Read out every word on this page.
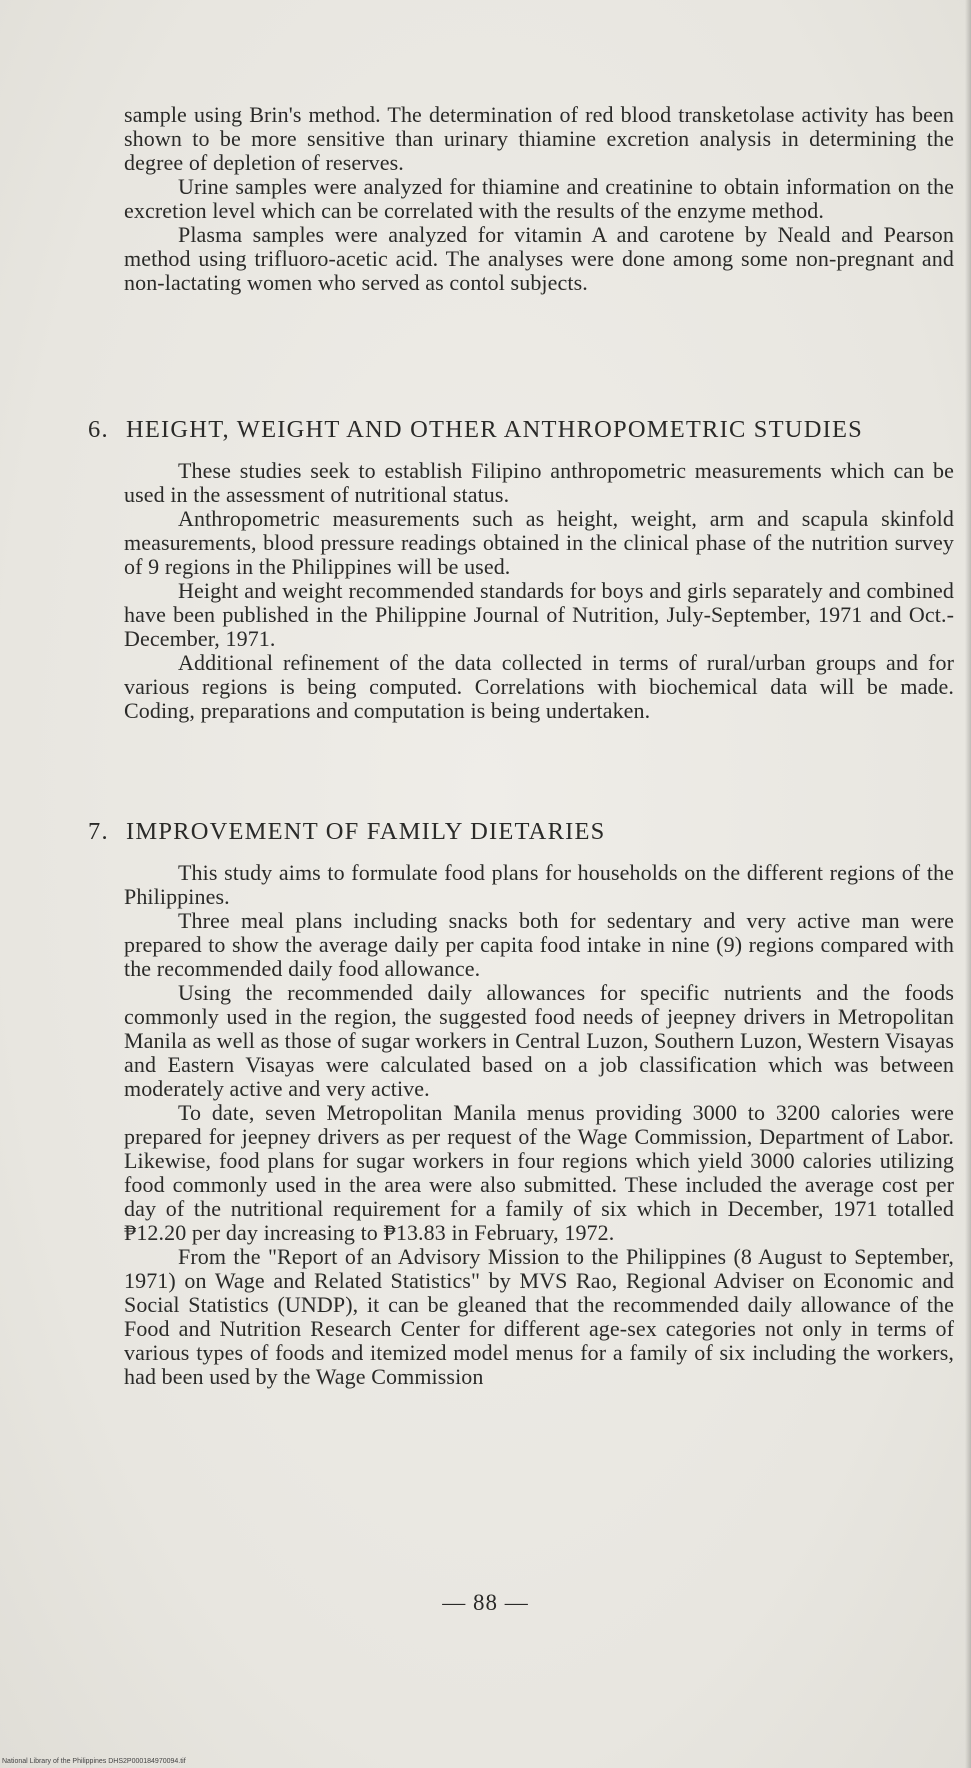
sample using Brin's method. The determination of red blood transketolase activity has been shown to be more sensitive than urinary thiamine excretion analysis in determining the degree of depletion of reserves.

Urine samples were analyzed for thiamine and creatinine to obtain information on the excretion level which can be correlated with the results of the enzyme method.

Plasma samples were analyzed for vitamin A and carotene by Neald and Pearson method using trifluoro-acetic acid. The analyses were done among some non-pregnant and non-lactating women who served as contol subjects.

6. HEIGHT, WEIGHT AND OTHER ANTHROPOMETRIC STUDIES

These studies seek to establish Filipino anthropometric measurements which can be used in the assessment of nutritional status.

Anthropometric measurements such as height, weight, arm and scapula skinfold measurements, blood pressure readings obtained in the clinical phase of the nutrition survey of 9 regions in the Philippines will be used.

Height and weight recommended standards for boys and girls separately and combined have been published in the Philippine Journal of Nutrition, July-September, 1971 and Oct.-December, 1971.

Additional refinement of the data collected in terms of rural/urban groups and for various regions is being computed. Correlations with biochemical data will be made. Coding, preparations and computation is being undertaken.

7. IMPROVEMENT OF FAMILY DIETARIES

This study aims to formulate food plans for households on the different regions of the Philippines.

Three meal plans including snacks both for sedentary and very active man were prepared to show the average daily per capita food intake in nine (9) regions compared with the recommended daily food allowance.

Using the recommended daily allowances for specific nutrients and the foods commonly used in the region, the suggested food needs of jeepney drivers in Metropolitan Manila as well as those of sugar workers in Central Luzon, Southern Luzon, Western Visayas and Eastern Visayas were calculated based on a job classification which was between moderately active and very active.

To date, seven Metropolitan Manila menus providing 3000 to 3200 calories were prepared for jeepney drivers as per request of the Wage Commission, Department of Labor. Likewise, food plans for sugar workers in four regions which yield 3000 calories utilizing food commonly used in the area were also submitted. These included the average cost per day of the nutritional requirement for a family of six which in December, 1971 totalled ₱12.20 per day increasing to ₱13.83 in February, 1972.

From the "Report of an Advisory Mission to the Philippines (8 August to September, 1971) on Wage and Related Statistics" by MVS Rao, Regional Adviser on Economic and Social Statistics (UNDP), it can be gleaned that the recommended daily allowance of the Food and Nutrition Research Center for different age-sex categories not only in terms of various types of foods and itemized model menus for a family of six including the workers, had been used by the Wage Commission

— 88 —
National Library of the Philippines DHS2P000184970094.tif
